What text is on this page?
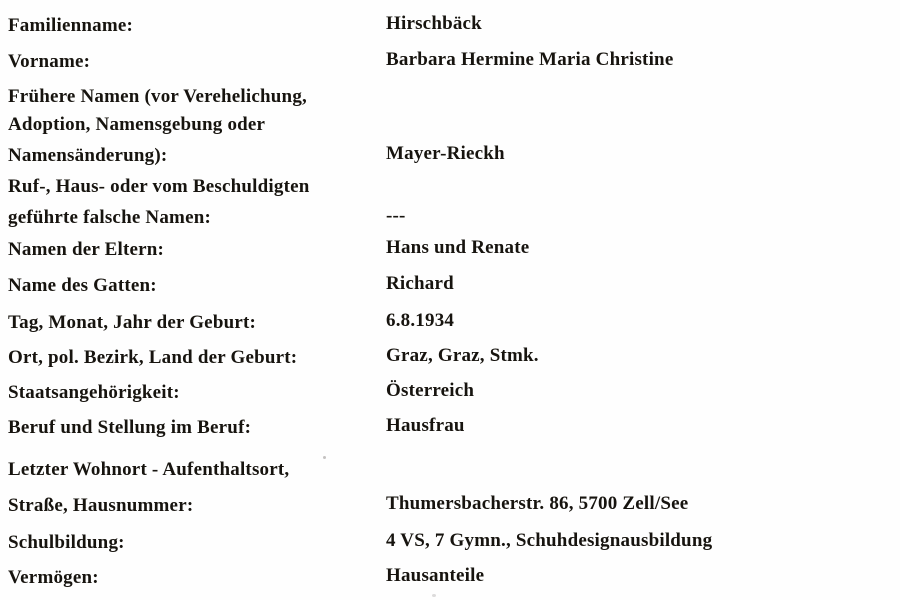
Familienname:

	Hirschbäck

Vorname:

	Barbara Hermine Maria Christine

Frühere Namen (vor Verehelichung,

Adoption, Namensgebung oder

Namensänderung):

	Mayer-Rieckh

Ruf-, Haus- oder vom Beschuldigten

geführte falsche Namen:

	---

Namen der Eltern:

	Hans und Renate

Name des Gatten:

	Richard

Tag, Monat, Jahr der Geburt:

	6.8.1934

Ort, pol. Bezirk, Land der Geburt:

	Graz, Graz, Stmk.

Staatsangehörigkeit:

	Österreich

Beruf und Stellung im Beruf:

	Hausfrau

Letzter Wohnort - Aufenthaltsort,

Straße, Hausnummer:

	Thumersbacherstr. 86, 5700 Zell/See

Schulbildung:

	4 VS, 7 Gymn., Schuhdesignausbildung

Vermögen:

	Hausanteile
